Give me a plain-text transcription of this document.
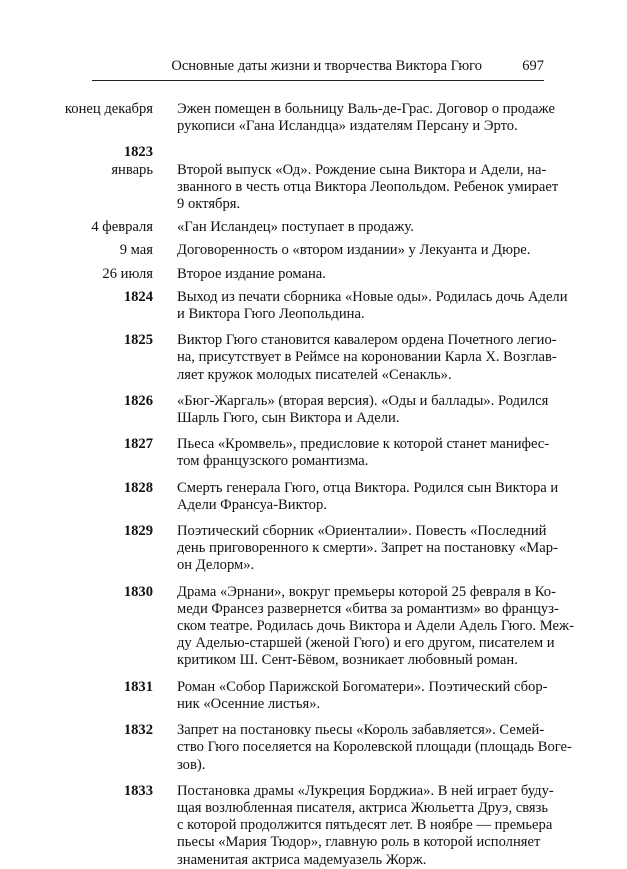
Основные даты жизни и творчества Виктора Гюго	697
конец декабря	Эжен помещен в больницу Валь-де-Грас. Договор о продаже
рукописи «Гана Исландца» издателям Персану и Эрто.
1823
январь	Второй выпуск «Од». Рождение сына Виктора и Адели, на-
званного в честь отца Виктора Леопольдом. Ребенок умирает
9 октября.
4 февраля	«Ган Исландец» поступает в продажу.
9 мая	Договоренность о «втором издании» у Лекуанта и Дюре.
26 июля	Второе издание романа.
1824	Выход из печати сборника «Новые оды». Родилась дочь Адели
и Виктора Гюго Леопольдина.
1825	Виктор Гюго становится кавалером ордена Почетного легио-
на, присутствует в Реймсе на короновании Карла X. Возглав-
ляет кружок молодых писателей «Сенакль».
1826	«Бюг-Жаргаль» (вторая версия). «Оды и баллады». Родился
Шарль Гюго, сын Виктора и Адели.
1827	Пьеса «Кромвель», предисловие к которой станет манифес-
том французского романтизма.
1828	Смерть генерала Гюго, отца Виктора. Родился сын Виктора и
Адели Франсуа-Виктор.
1829	Поэтический сборник «Ориенталии». Повесть «Последний
день приговоренного к смерти». Запрет на постановку «Мар-
он Делорм».
1830	Драма «Эрнани», вокруг премьеры которой 25 февраля в Ко-
меди Франсез развернется «битва за романтизм» во француз-
ском театре. Родилась дочь Виктора и Адели Адель Гюго. Меж-
ду Аделью-старшей (женой Гюго) и его другом, писателем и
критиком Ш. Сент-Бёвом, возникает любовный роман.
1831	Роман «Собор Парижской Богоматери». Поэтический сбор-
ник «Осенние листья».
1832	Запрет на постановку пьесы «Король забавляется». Семей-
ство Гюго поселяется на Королевской площади (площадь Воге-
зов).
1833	Постановка драмы «Лукреция Борджиа». В ней играет буду-
щая возлюбленная писателя, актриса Жюльетта Друэ, связь
с которой продолжится пятьдесят лет. В ноябре — премьера
пьесы «Мария Тюдор», главную роль в которой исполняет
знаменитая актриса мадемуазель Жорж.
